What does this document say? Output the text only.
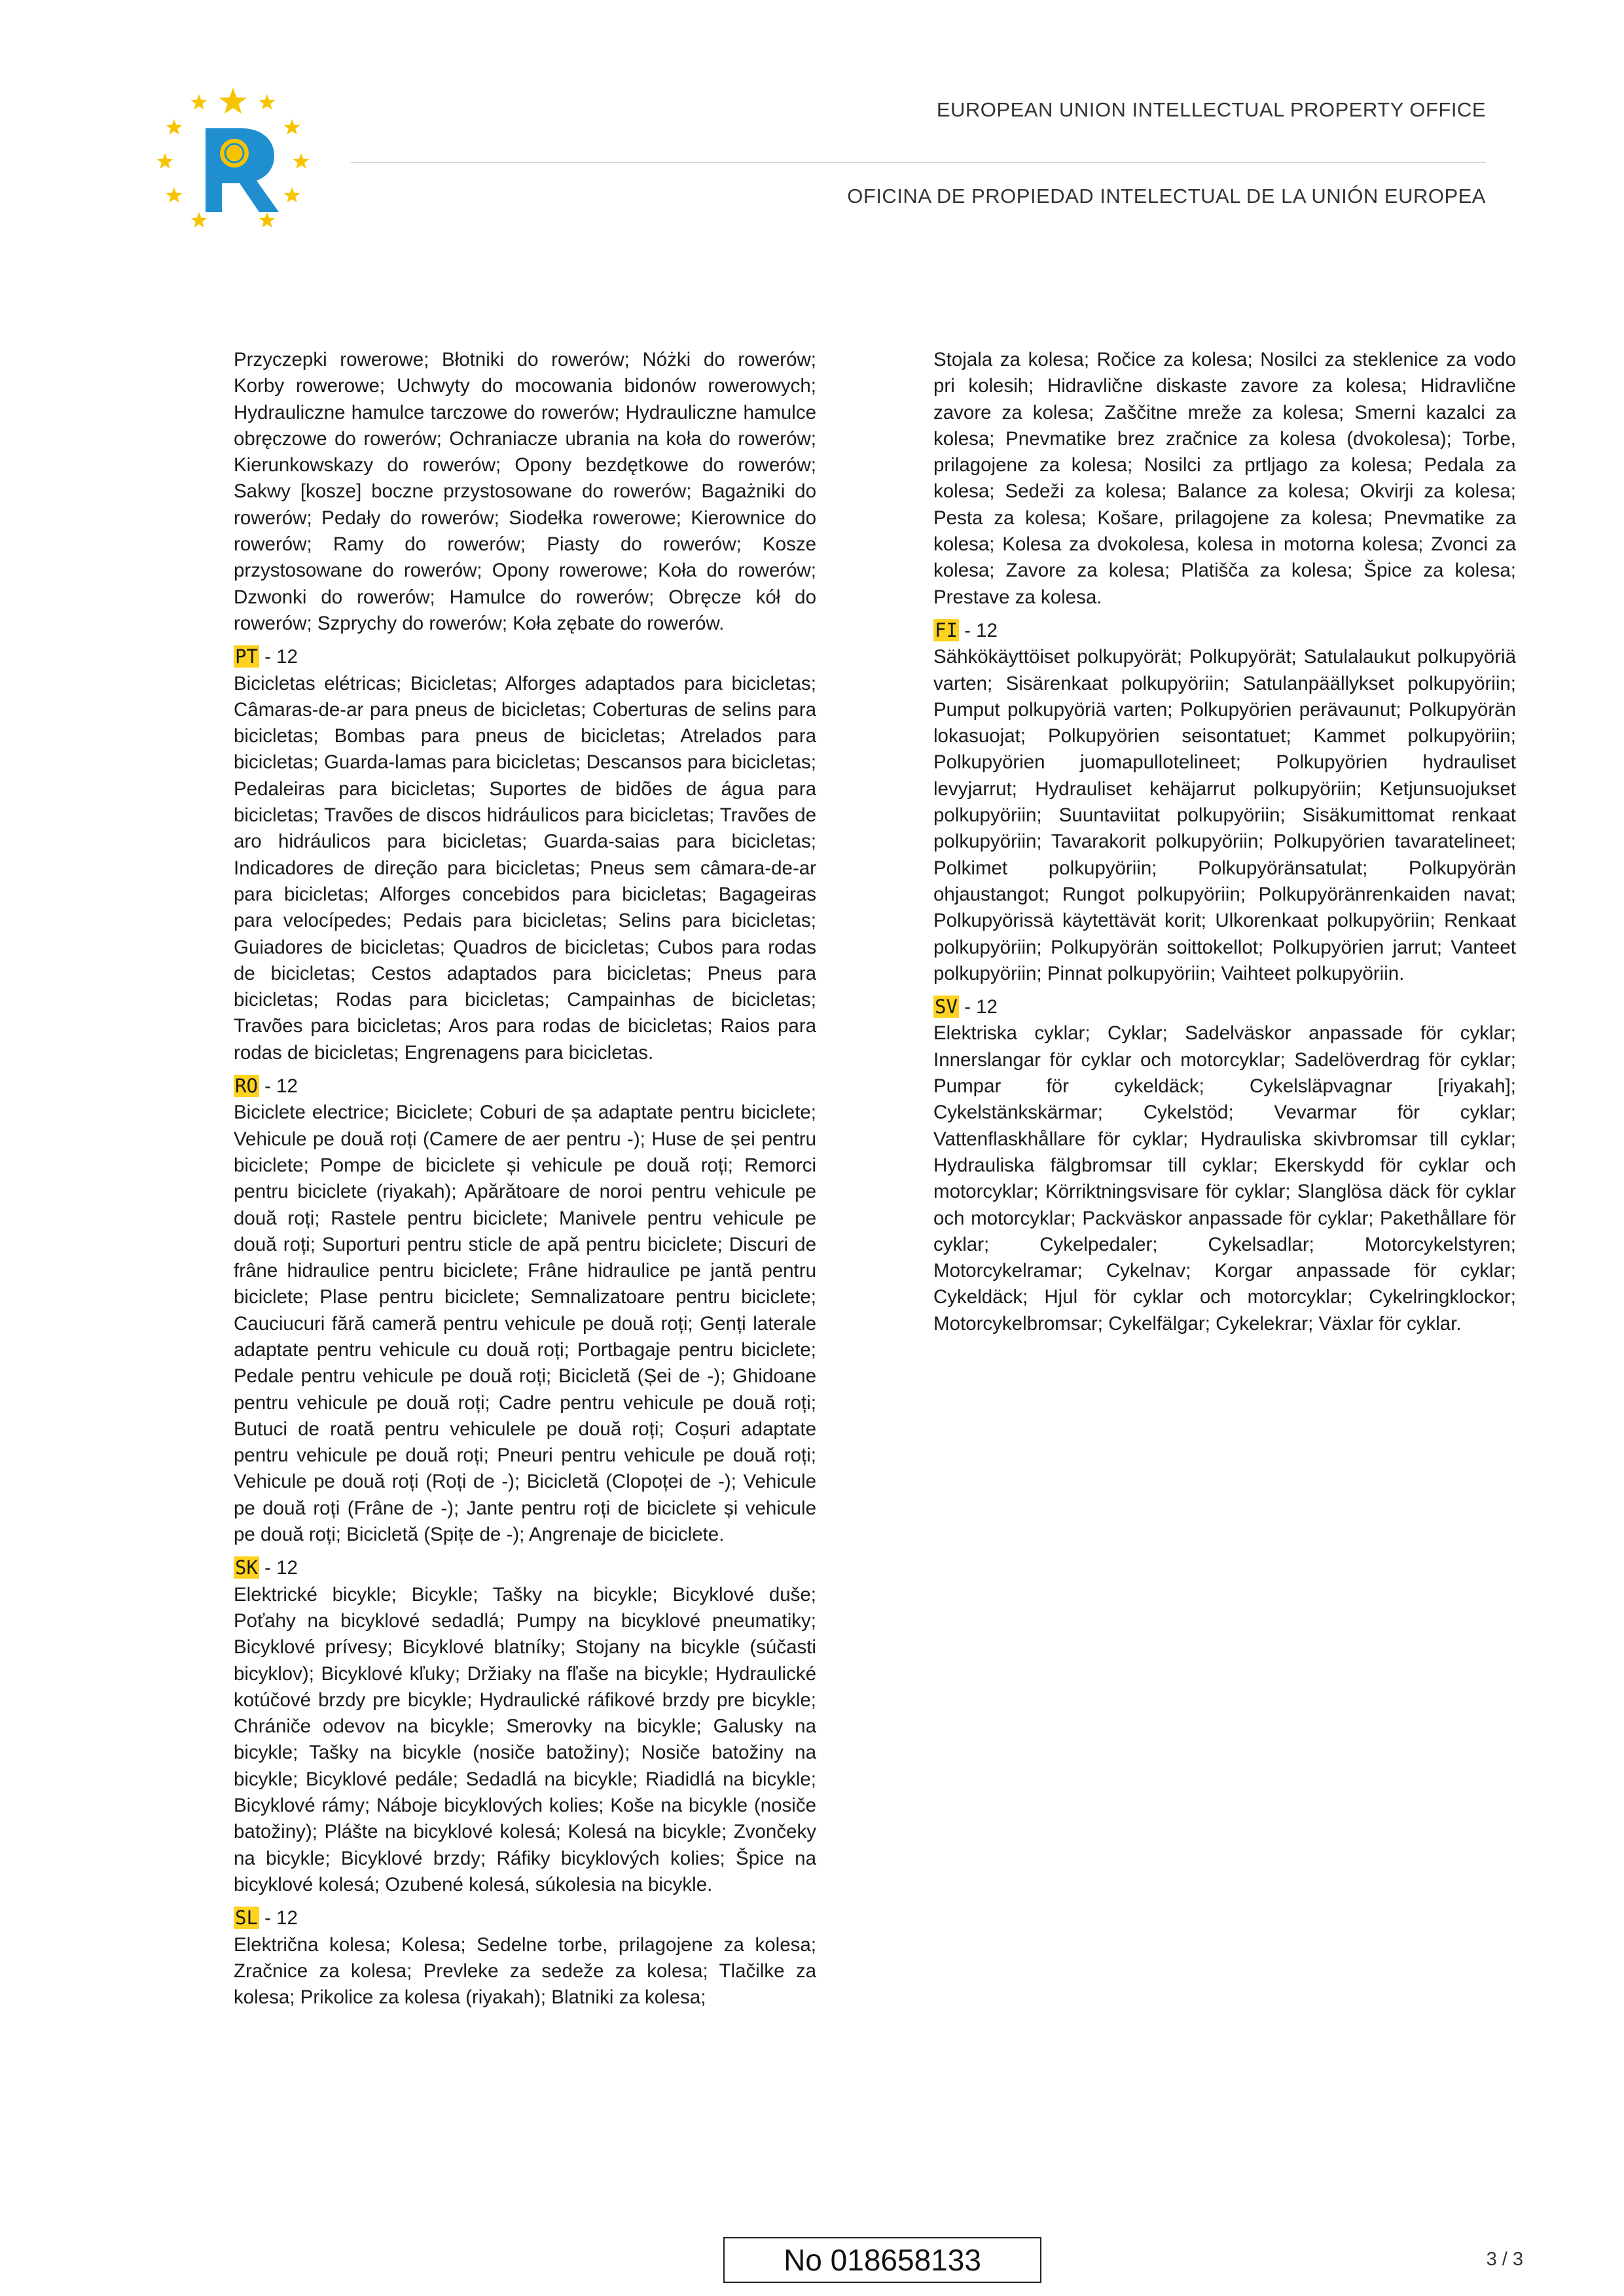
EUROPEAN UNION INTELLECTUAL PROPERTY OFFICE
OFICINA DE PROPIEDAD INTELECTUAL DE LA UNIÓN EUROPEA

Przyczepki rowerowe; Błotniki do rowerów; Nóżki do rowerów; Korby rowerowe; Uchwyty do mocowania bidonów rowerowych; Hydrauliczne hamulce tarczowe do rowerów; Hydrauliczne hamulce obręczowe do rowerów; Ochraniacze ubrania na koła do rowerów; Kierunkowskazy do rowerów; Opony bezdętkowe do rowerów; Sakwy [kosze] boczne przystosowane do rowerów; Bagażniki do rowerów; Pedały do rowerów; Siodełka rowerowe; Kierownice do rowerów; Ramy do rowerów; Piasty do rowerów; Kosze przystosowane do rowerów; Opony rowerowe; Koła do rowerów; Dzwonki do rowerów; Hamulce do rowerów; Obręcze kół do rowerów; Szprychy do rowerów; Koła zębate do rowerów.

PT - 12

Bicicletas elétricas; Bicicletas; Alforges adaptados para bicicletas; Câmaras-de-ar para pneus de bicicletas; Coberturas de selins para bicicletas; Bombas para pneus de bicicletas; Atrelados para bicicletas; Guarda-lamas para bicicletas; Descansos para bicicletas; Pedaleiras para bicicletas; Suportes de bidões de água para bicicletas; Travões de discos hidráulicos para bicicletas; Travões de aro hidráulicos para bicicletas; Guarda-saias para bicicletas; Indicadores de direção para bicicletas; Pneus sem câmara-de-ar para bicicletas; Alforges concebidos para bicicletas; Bagageiras para velocípedes; Pedais para bicicletas; Selins para bicicletas; Guiadores de bicicletas; Quadros de bicicletas; Cubos para rodas de bicicletas; Cestos adaptados para bicicletas; Pneus para bicicletas; Rodas para bicicletas; Campainhas de bicicletas; Travões para bicicletas; Aros para rodas de bicicletas; Raios para rodas de bicicletas; Engrenagens para bicicletas.

RO - 12

Biciclete electrice; Biciclete; Coburi de șa adaptate pentru biciclete; Vehicule pe două roți (Camere de aer pentru -); Huse de șei pentru biciclete; Pompe de biciclete și vehicule pe două roți; Remorci pentru biciclete (riyakah); Apărătoare de noroi pentru vehicule pe două roți; Rastele pentru biciclete; Manivele pentru vehicule pe două roți; Suporturi pentru sticle de apă pentru biciclete; Discuri de frâne hidraulice pentru biciclete; Frâne hidraulice pe jantă pentru biciclete; Plase pentru biciclete; Semnalizatoare pentru biciclete; Cauciucuri fără cameră pentru vehicule pe două roți; Genți laterale adaptate pentru vehicule cu două roți; Portbagaje pentru biciclete; Pedale pentru vehicule pe două roți; Bicicletă (Șei de -); Ghidoane pentru vehicule pe două roți; Cadre pentru vehicule pe două roți; Butuci de roată pentru vehiculele pe două roți; Coșuri adaptate pentru vehicule pe două roți; Pneuri pentru vehicule pe două roți; Vehicule pe două roți (Roți de -); Bicicletă (Clopoței de -); Vehicule pe două roți (Frâne de -); Jante pentru roți de biciclete și vehicule pe două roți; Bicicletă (Spițe de -); Angrenaje de biciclete.

SK - 12

Elektrické bicykle; Bicykle; Tašky na bicykle; Bicyklové duše; Poťahy na bicyklové sedadlá; Pumpy na bicyklové pneumatiky; Bicyklové prívesy; Bicyklové blatníky; Stojany na bicykle (súčasti bicyklov); Bicyklové kľuky; Držiaky na fľaše na bicykle; Hydraulické kotúčové brzdy pre bicykle; Hydraulické ráfikové brzdy pre bicykle; Chrániče odevov na bicykle; Smerovky na bicykle; Galusky na bicykle; Tašky na bicykle (nosiče batožiny); Nosiče batožiny na bicykle; Bicyklové pedále; Sedadlá na bicykle; Riadidlá na bicykle; Bicyklové rámy; Náboje bicyklových kolies; Koše na bicykle (nosiče batožiny); Plášte na bicyklové kolesá; Kolesá na bicykle; Zvončeky na bicykle; Bicyklové brzdy; Ráfiky bicyklových kolies; Špice na bicyklové kolesá; Ozubené kolesá, súkolesia na bicykle.

SL - 12

Električna kolesa; Kolesa; Sedelne torbe, prilagojene za kolesa; Zračnice za kolesa; Prevleke za sedeže za kolesa; Tlačilke za kolesa; Prikolice za kolesa (riyakah); Blatniki za kolesa;

Stojala za kolesa; Ročice za kolesa; Nosilci za steklenice za vodo pri kolesih; Hidravlične diskaste zavore za kolesa; Hidravlične zavore za kolesa; Zaščitne mreže za kolesa; Smerni kazalci za kolesa; Pnevmatike brez zračnice za kolesa (dvokolesa); Torbe, prilagojene za kolesa; Nosilci za prtljago za kolesa; Pedala za kolesa; Sedeži za kolesa; Balance za kolesa; Okvirji za kolesa; Pesta za kolesa; Košare, prilagojene za kolesa; Pnevmatike za kolesa; Kolesa za dvokolesa, kolesa in motorna kolesa; Zvonci za kolesa; Zavore za kolesa; Platišča za kolesa; Špice za kolesa; Prestave za kolesa.

FI - 12

Sähkökäyttöiset polkupyörät; Polkupyörät; Satulalaukut polkupyöriä varten; Sisärenkaat polkupyöriin; Satulanpäällykset polkupyöriin; Pumput polkupyöriä varten; Polkupyörien perävaunut; Polkupyörän lokasuojat; Polkupyörien seisontatuet; Kammet polkupyöriin; Polkupyörien juomapullotelineet; Polkupyörien hydrauliset levyjarrut; Hydrauliset kehäjarrut polkupyöriin; Ketjunsuojukset polkupyöriin; Suuntaviitat polkupyöriin; Sisäkumittomat renkaat polkupyöriin; Tavarakorit polkupyöriin; Polkupyörien tavaratelineet; Polkimet polkupyöriin; Polkupyöränsatulat; Polkupyörän ohjaustangot; Rungot polkupyöriin; Polkupyöränrenkaiden navat; Polkupyörissä käytettävät korit; Ulkorenkaat polkupyöriin; Renkaat polkupyöriin; Polkupyörän soittokellot; Polkupyörien jarrut; Vanteet polkupyöriin; Pinnat polkupyöriin; Vaihteet polkupyöriin.

SV - 12

Elektriska cyklar; Cyklar; Sadelväskor anpassade för cyklar; Innerslangar för cyklar och motorcyklar; Sadelöverdrag för cyklar; Pumpar för cykeldäck; Cykelsläpvagnar [riyakah]; Cykelstänkskärmar; Cykelstöd; Vevarmar för cyklar; Vattenflaskhållare för cyklar; Hydrauliska skivbromsar till cyklar; Hydrauliska fälgbromsar till cyklar; Ekerskydd för cyklar och motorcyklar; Körriktningsvisare för cyklar; Slanglösa däck för cyklar och motorcyklar; Packväskor anpassade för cyklar; Pakethållare för cyklar; Cykelpedaler; Cykelsadlar; Motorcykelstyren; Motorcykelramar; Cykelnav; Korgar anpassade för cyklar; Cykeldäck; Hjul för cyklar och motorcyklar; Cykelringklockor; Motorcykelbromsar; Cykelfälgar; Cykelekrar; Växlar för cyklar.

No 018658133	3 / 3
